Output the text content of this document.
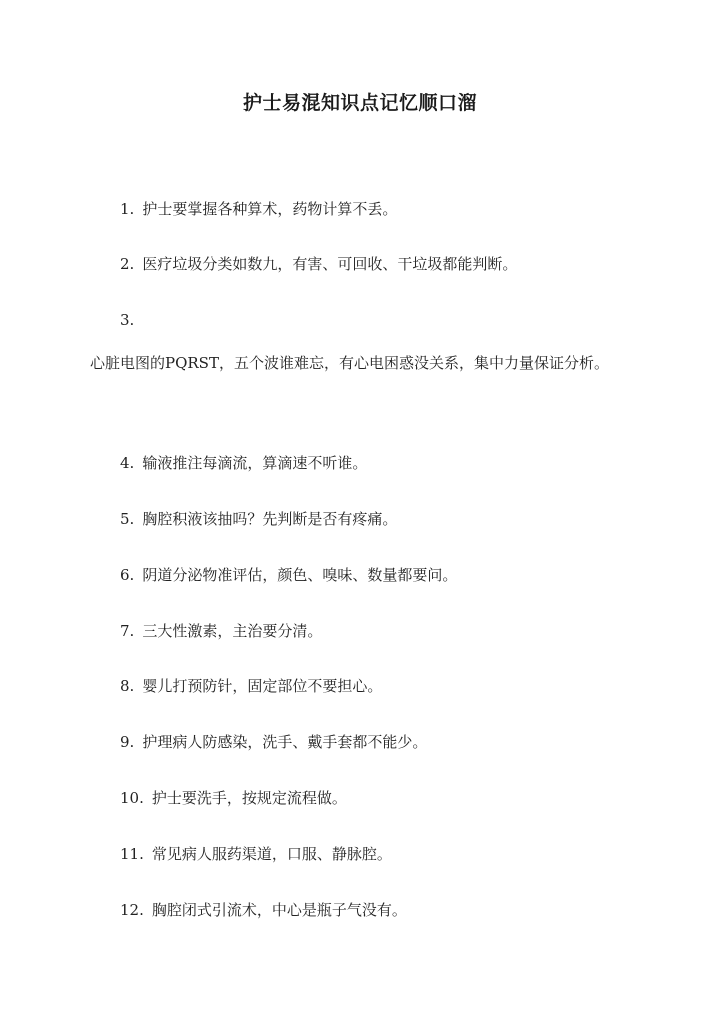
护士易混知识点记忆顺口溜
1. 护士要掌握各种算术，药物计算不丢。
2. 医疗垃圾分类如数九，有害、可回收、干垃圾都能判断。
3.
心脏电图的PQRST，五个波谁难忘，有心电困惑没关系，集中力量保证分析。
4. 输液推注每滴流，算滴速不听谁。
5. 胸腔积液该抽吗？先判断是否有疼痛。
6. 阴道分泌物准评估，颜色、嗅味、数量都要问。
7. 三大性激素，主治要分清。
8. 婴儿打预防针，固定部位不要担心。
9. 护理病人防感染，洗手、戴手套都不能少。
10. 护士要洗手，按规定流程做。
11. 常见病人服药渠道，口服、静脉腔。
12. 胸腔闭式引流术，中心是瓶子气没有。
